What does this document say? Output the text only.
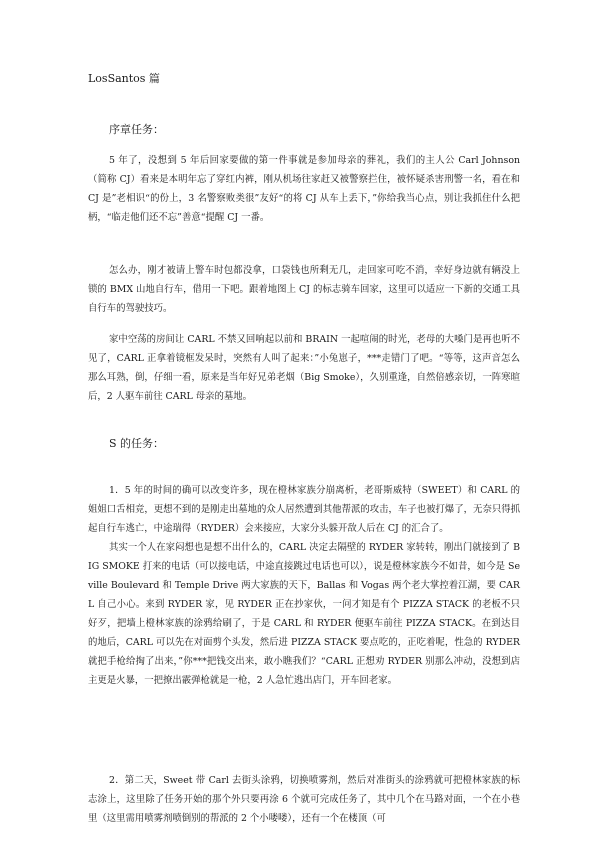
LosSantos 篇
序章任务：

5 年了，没想到 5 年后回家要做的第一件事就是参加母亲的葬礼，我们的主人公 Carl Johnson（简称 CJ）看来是本明年忘了穿红内裤，刚从机场往家赶又被警察拦住，被怀疑杀害刑警一名，看在和 CJ 是”老相识“的份上，3 名警察败类很”友好“的将 CJ 从车上丢下，”你给我当心点，别让我抓住什么把柄，“临走他们还不忘”善意“提醒 CJ 一番。

怎么办，刚才被请上警车时包都没拿，口袋钱也所剩无几，走回家可吃不消，幸好身边就有辆没上锁的 BMX 山地自行车，借用一下吧。跟着地图上 CJ 的标志骑车回家，这里可以适应一下新的交通工具自行车的驾驶技巧。

家中空荡的房间让 CARL 不禁又回响起以前和 BRAIN 一起喧闹的时光，老母的大嗓门是再也听不见了，CARL 正拿着镜框发呆时，突然有人叫了起来：”小兔崽子，***走错门了吧。“等等，这声音怎么那么耳熟，倒，仔细一看，原来是当年好兄弟老烟（Big Smoke），久别重逢，自然倍感亲切，一阵寒暄后，2 人驱车前往 CARL 母亲的墓地。

S 的任务：

1．5 年的时间的确可以改变许多，现在橙林家族分崩离析，老哥斯威特（SWEET）和 CARL 的姐姐口舌相竞，更想不到的是刚走出墓地的众人居然遭到其他帮派的攻击，车子也被打爆了，无奈只得抓起自行车逃亡，中途瑞得（RYDER）会来接应，大家分头躲开敌人后在 CJ 的汇合了。

其实一个人在家闷想也是想不出什么的，CARL 决定去隔壁的 RYDER 家转转，刚出门就接到了 BIG SMOKE 打来的电话（可以接电话，中途直接跳过电话也可以），说是橙林家族今不如昔，如今是 Seville Boulevard 和 Temple Drive 两大家族的天下，Ballas 和 Vogas 两个老大掌控着江湖，要 CARL 自己小心。来到 RYDER 家，见 RYDER 正在抄家伙，一问才知是有个 PIZZA STACK 的老板不只好歹，把墙上橙林家族的涂鸦给刷了，于是 CARL 和 RYDER 便驱车前往 PIZZA STACK。在到达目的地后，CARL 可以先在对面剪个头发，然后进 PIZZA STACK 要点吃的，正吃着呢，性急的 RYDER 就把手枪给掏了出来，”你***把钱交出来，敢小瞧我们？“CARL 正想劝 RYDER 别那么冲动，没想到店主更是火暴，一把撩出霰弹枪就是一枪，2 人急忙逃出店门，开车回老家。

2．第二天，Sweet 带 Carl 去街头涂鸦，切换喷雾剂，然后对准街头的涂鸦就可把橙林家族的标志涂上，这里除了任务开始的那个外只要再涂 6 个就可完成任务了，其中几个在马路对面，一个在小巷里（这里需用喷雾剂喷倒别的帮派的 2 个小喽喽），还有一个在楼顶（可
